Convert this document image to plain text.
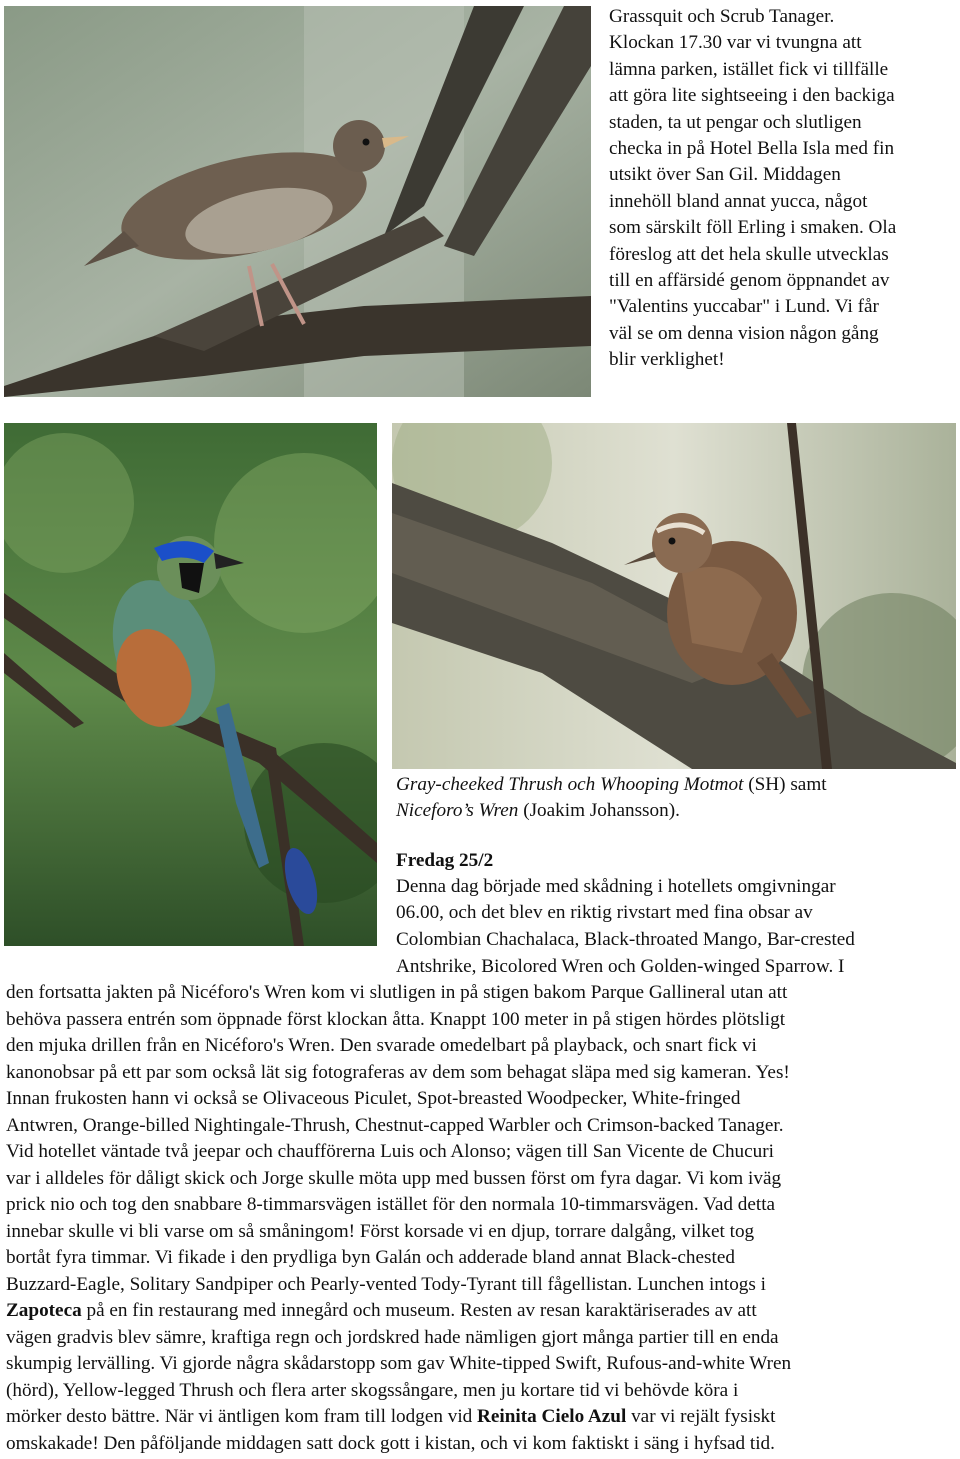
Grassquit och Scrub Tanager.
Klockan 17.30 var vi tvungna att
lämna parken, istället fick vi tillfälle
att göra lite sightseeing i den backiga
staden, ta ut pengar och slutligen
checka in på Hotel Bella Isla med fin
utsikt över San Gil. Middagen
innehöll bland annat yucca, något
som särskilt föll Erling i smaken. Ola
föreslog att det hela skulle utvecklas
till en affärsidé genom öppnandet av
"Valentins yuccabar" i Lund. Vi får
väl se om denna vision någon gång
blir verklighet!
Gray-cheeked Thrush och Whooping Motmot (SH) samt
Niceforo’s Wren (Joakim Johansson).
Fredag 25/2
Denna dag började med skådning i hotellets omgivningar
06.00, och det blev en riktig rivstart med fina obsar av
Colombian Chachalaca, Black-throated Mango, Bar-crested
Antshrike, Bicolored Wren och Golden-winged Sparrow. I
den fortsatta jakten på Nicéforo's Wren kom vi slutligen in på stigen bakom Parque Gallineral utan att
behöva passera entrén som öppnade först klockan åtta. Knappt 100 meter in på stigen hördes plötsligt
den mjuka drillen från en Nicéforo's Wren. Den svarade omedelbart på playback, och snart fick vi
kanonobsar på ett par som också lät sig fotograferas av dem som behagat släpa med sig kameran. Yes!
Innan frukosten hann vi också se Olivaceous Piculet, Spot-breasted Woodpecker, White-fringed
Antwren, Orange-billed Nightingale-Thrush, Chestnut-capped Warbler och Crimson-backed Tanager.
Vid hotellet väntade två jeepar och chaufförerna Luis och Alonso; vägen till San Vicente de Chucuri
var i alldeles för dåligt skick och Jorge skulle möta upp med bussen först om fyra dagar. Vi kom iväg
prick nio och tog den snabbare 8-timmarsvägen istället för den normala 10-timmarsvägen. Vad detta
innebar skulle vi bli varse om så småningom! Först korsade vi en djup, torrare dalgång, vilket tog
bortåt fyra timmar. Vi fikade i den prydliga byn Galán och adderade bland annat Black-chested
Buzzard-Eagle, Solitary Sandpiper och Pearly-vented Tody-Tyrant till fågellistan. Lunchen intogs i
Zapoteca på en fin restaurang med innegård och museum. Resten av resan karaktäriserades av att
vägen gradvis blev sämre, kraftiga regn och jordskred hade nämligen gjort många partier till en enda
skumpig lervälling. Vi gjorde några skådarstopp som gav White-tipped Swift, Rufous-and-white Wren
(hörd), Yellow-legged Thrush och flera arter skogssångare, men ju kortare tid vi behövde köra i
mörker desto bättre. När vi äntligen kom fram till lodgen vid Reinita Cielo Azul var vi rejält fysiskt
omskakade! Den påföljande middagen satt dock gott i kistan, och vi kom faktiskt i säng i hyfsad tid.
